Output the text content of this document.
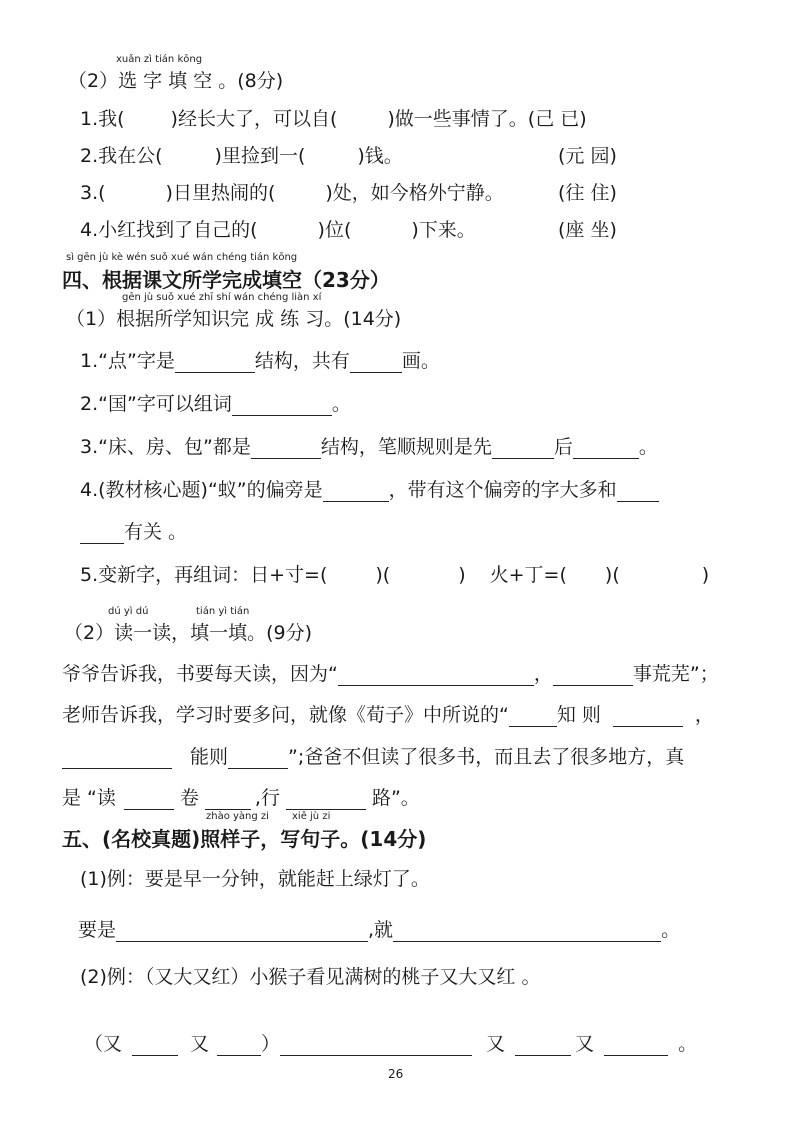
xuǎn zì tián kōng
（2）选 字 填 空 。(8分)
1.我( )经长大了，可以自(	)做一些事情了。(己 已)
2.我在公(	)里捡到一(	)钱。	(元 园)
3.(	)日里热闹的(	)处，如今格外宁静。	(往 住)
4.小红找到了自己的(	)位(	)下来。	(座 坐)
sì gēn jù kè wén suǒ xué wán chéng tián kōng
四、根据课文所学完成填空（23分）
gēn jù suǒ xué zhī shí wán chéng liàn xí
（1）根据所学知识完 成 练 习。(14分)
1.“点”字是	结构，共有	画。
2.“国”字可以组词	。
3.“床、房、包”都是	结构，笔顺规则是先	后	。
4.(教材核心题)“蚁”的偏旁是	，带有这个偏旁的字大多和
有关 。
5.变新字，再组词：日+寸=(	)(	) 火+丁=( )(	)
dú yì dú	tián yì tián
（2）读一读，填一填。(9分)
爷爷告诉我，书要每天读，因为“	，	事荒芜”；
老师告诉我，学习时要多问，就像《荀子》中所说的“	知 则	，
能则	”;爸爸不但读了很多书，而且去了很多地方，真
是 “读	卷	,行	路”。
zhào yàng zi xiě jù zi
五、(名校真题)照样子，写句子。(14分)
(1)例：要是早一分钟，就能赶上绿灯了。
要是	,就	。
(2)例：（又大又红）小猴子看见满树的桃子又大又红 。
（又	又	）	又	又	。
26
